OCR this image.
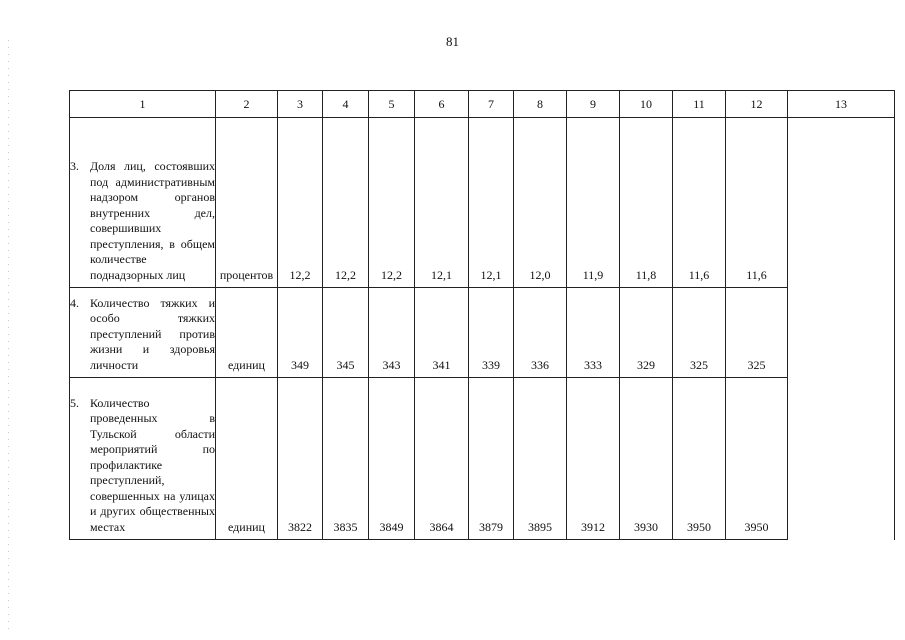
81
1	2	3	4	5	6	7	8	9	10	11	12	13

3. Доля лиц, состоявших под административным надзором органов внутренних дел, совершивших преступления, в общем количестве поднадзорных лиц	процентов	12,2	12,2	12,2	12,1	12,1	12,0	11,9	11,8	11,6	11,6	

4. Количество тяжких и особо тяжких преступлений против жизни и здоровья личности	единиц	349	345	343	341	339	336	333	329	325	325	

5. Количество проведенных в Тульской области мероприятий по профилактике преступлений, совершенных на улицах и других общественных местах	единиц	3822	3835	3849	3864	3879	3895	3912	3930	3950	3950	
